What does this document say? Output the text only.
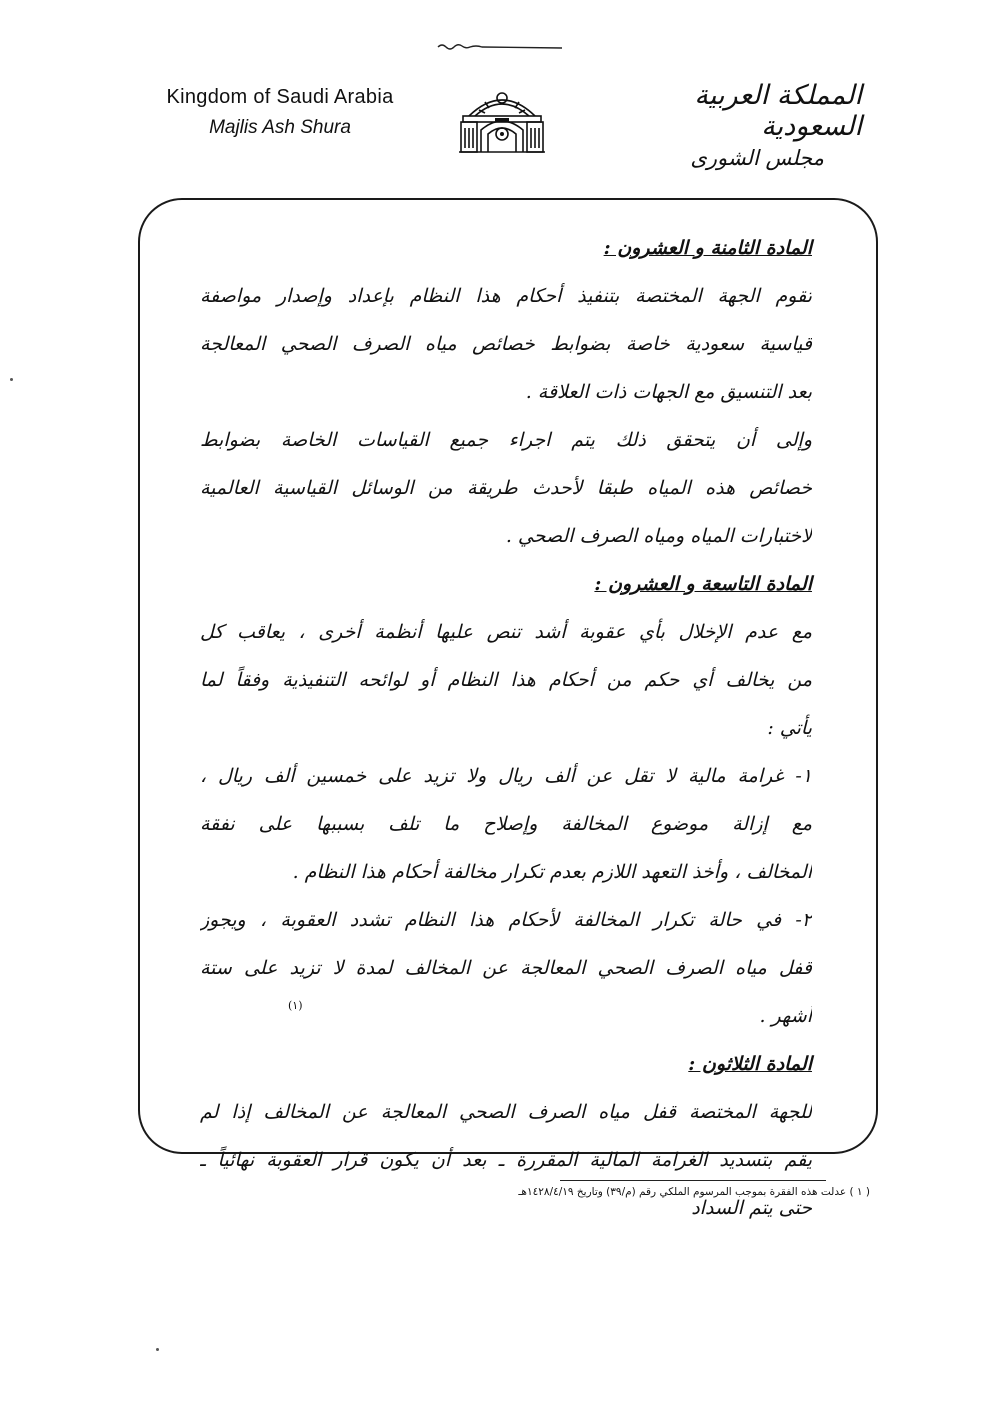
Kingdom of Saudi Arabia
Majlis Ash Shura
المملكة العربية السعودية
مجلس الشورى
المادة الثامنة و العشرون :
تقوم الجهة المختصة بتنفيذ أحكام هذا النظام بإعداد وإصدار مواصفة
قياسية سعودية خاصة بضوابط خصائص مياه الصرف الصحي المعالجة
بعد التنسيق مع الجهات ذات العلاقة .
وإلى أن يتحقق ذلك يتم اجراء جميع القياسات الخاصة بضوابط
خصائص هذه المياه طبقا لأحدث طريقة من الوسائل القياسية العالمية
لاختبارات المياه ومياه الصرف الصحي .
المادة التاسعة و العشرون :
مع عدم الإخلال بأي عقوبة أشد تنص عليها أنظمة أخرى ، يعاقب كل
من يخالف أي حكم من أحكام هذا النظام أو لوائحه التنفيذية وفقاً لما
يأتي :
١- غرامة مالية لا تقل عن ألف ريال ولا تزيد على خمسين ألف ريال ،
مع إزالة موضوع المخالفة وإصلاح ما تلف بسببها على نفقة
المخالف ، وأخذ التعهد اللازم بعدم تكرار مخالفة أحكام هذا النظام .
٢- في حالة تكرار المخالفة لأحكام هذا النظام تشدد العقوبة ، ويجوز
قفل مياه الصرف الصحي المعالجة عن المخالف لمدة لا تزيد على ستة
أشهر .
(١)
المادة الثلاثون :
للجهة المختصة قفل مياه الصرف الصحي المعالجة عن المخالف إذا لم
يقم بتسديد الغرامة المالية المقررة ـ بعد أن يكون قرار العقوبة نهائياً ـ
حتى يتم السداد
( ١ ) عدلت هذه الفقرة بموجب المرسوم الملكي رقم (م/٣٩) وتاريخ ١٤٢٨/٤/١٩هـ
